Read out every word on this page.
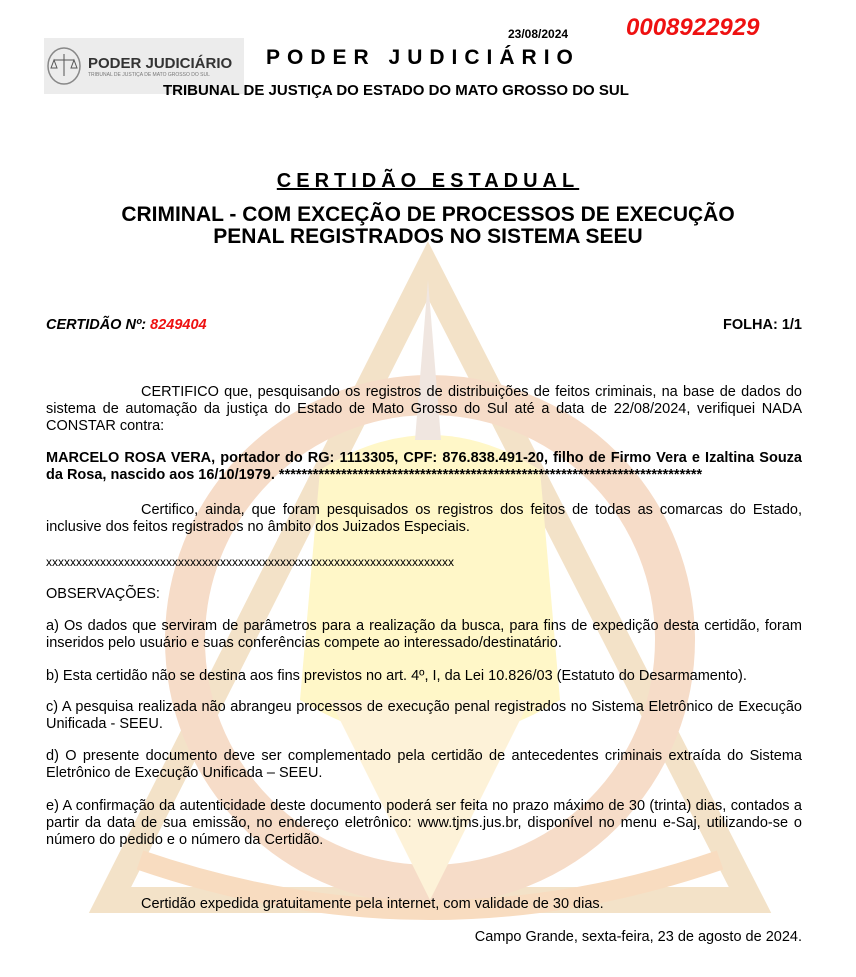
23/08/2024 0008922929
PODER JUDICIÁRIO
TRIBUNAL DE JUSTIÇA DE MATO GROSSO DO SUL
PODER JUDICIÁRIO
TRIBUNAL DE JUSTIÇA DO ESTADO DO MATO GROSSO DO SUL
CERTIDÃO ESTADUAL
CRIMINAL - COM EXCEÇÃO DE PROCESSOS DE EXECUÇÃO
PENAL REGISTRADOS NO SISTEMA SEEU
CERTIDÃO Nº: 8249404	FOLHA: 1/1
CERTIFICO que, pesquisando os registros de distribuições de feitos criminais, na base de dados do sistema de automação da justiça do Estado de Mato Grosso do Sul até a data de 22/08/2024, verifiquei NADA CONSTAR contra:
MARCELO ROSA VERA, portador do RG: 1113305, CPF: 876.838.491-20, filho de Firmo Vera e Izaltina Souza da Rosa, nascido aos 16/10/1979. ***************************************************************************
Certifico, ainda, que foram pesquisados os registros dos feitos de todas as comarcas do Estado, inclusive dos feitos registrados no âmbito dos Juizados Especiais.
xxxxxxxxxxxxxxxxxxxxxxxxxxxxxxxxxxxxxxxxxxxxxxxxxxxxxxxxxxxxxxxxxxxx
OBSERVAÇÕES:
a) Os dados que serviram de parâmetros para a realização da busca, para fins de expedição desta certidão, foram inseridos pelo usuário e suas conferências compete ao interessado/destinatário.
b) Esta certidão não se destina aos fins previstos no art. 4º, I, da Lei 10.826/03 (Estatuto do Desarmamento).
c) A pesquisa realizada não abrangeu processos de execução penal registrados no Sistema Eletrônico de Execução Unificada - SEEU.
d) O presente documento deve ser complementado pela certidão de antecedentes criminais extraída do Sistema Eletrônico de Execução Unificada – SEEU.
e) A confirmação da autenticidade deste documento poderá ser feita no prazo máximo de 30 (trinta) dias, contados a partir da data de sua emissão, no endereço eletrônico: www.tjms.jus.br, disponível no menu e-Saj, utilizando-se o número do pedido e o número da Certidão.
Certidão expedida gratuitamente pela internet, com validade de 30 dias.
Campo Grande, sexta-feira, 23 de agosto de 2024.
